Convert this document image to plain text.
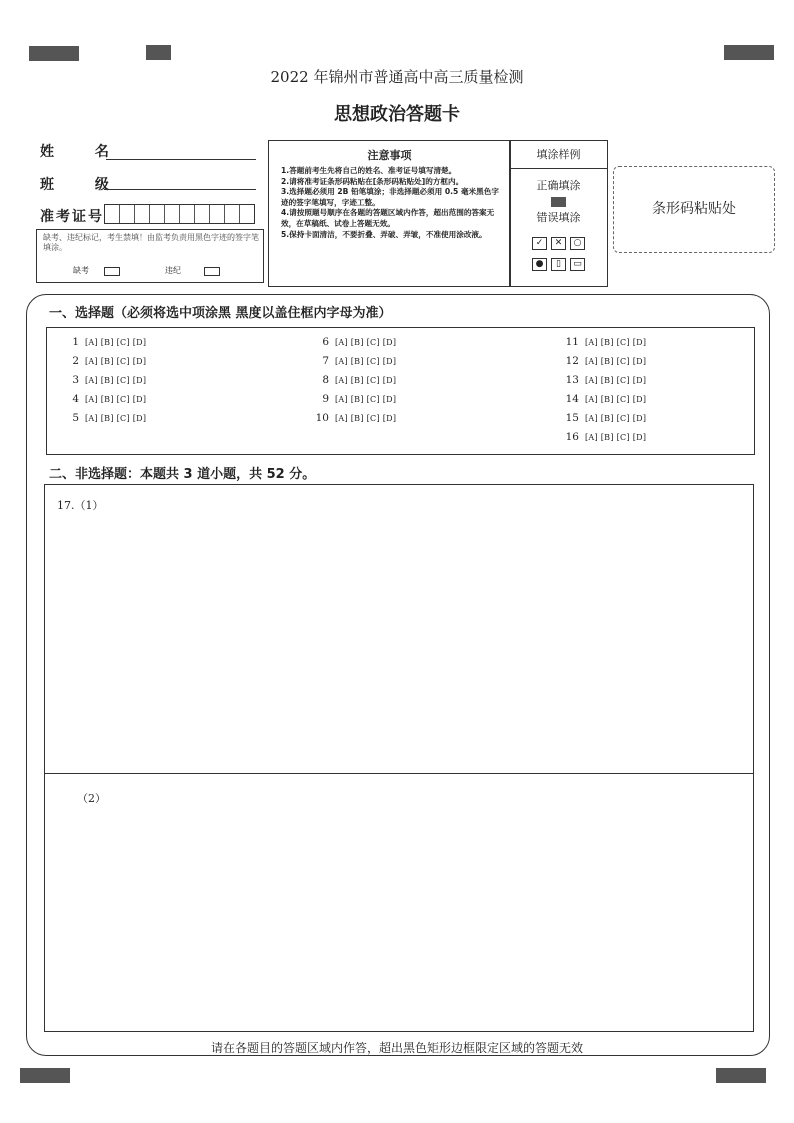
2022 年锦州市普通高中高三质量检测
思想政治答题卡
姓 名
班 级
准考证号
缺考、违纪标记，考生禁填！由监考负责用黑色字迹的签字笔填涂。
缺考	违纪
注意事项
1.答题前考生先将自己的姓名、准考证号填写清楚。
2.请将准考证条形码粘贴在[条形码粘贴处]的方框内。
3.选择题必须用 2B 铅笔填涂；非选择题必须用 0.5 毫米黑色字迹的签字笔填写，字迹工整。
4.请按照题号顺序在各题的答题区域内作答，超出范围的答案无效，在草稿纸、试卷上答题无效。
5.保持卡面清洁，不要折叠、弄破、弄皱，不准使用涂改液。
填涂样例
正确填涂
错误填涂
✓ ✕ ○
● ▯ ▭
条形码粘贴处
一、选择题（必须将选中项涂黑 黑度以盖住框内字母为准）
1 [A] [B] [C] [D]
2 [A] [B] [C] [D]
3 [A] [B] [C] [D]
4 [A] [B] [C] [D]
5 [A] [B] [C] [D]
6 [A] [B] [C] [D]
7 [A] [B] [C] [D]
8 [A] [B] [C] [D]
9 [A] [B] [C] [D]
10 [A] [B] [C] [D]
11 [A] [B] [C] [D]
12 [A] [B] [C] [D]
13 [A] [B] [C] [D]
14 [A] [B] [C] [D]
15 [A] [B] [C] [D]
16 [A] [B] [C] [D]
二、非选择题：本题共 3 道小题，共 52 分。
17.（1）
（2）
请在各题目的答题区域内作答，超出黑色矩形边框限定区域的答题无效
